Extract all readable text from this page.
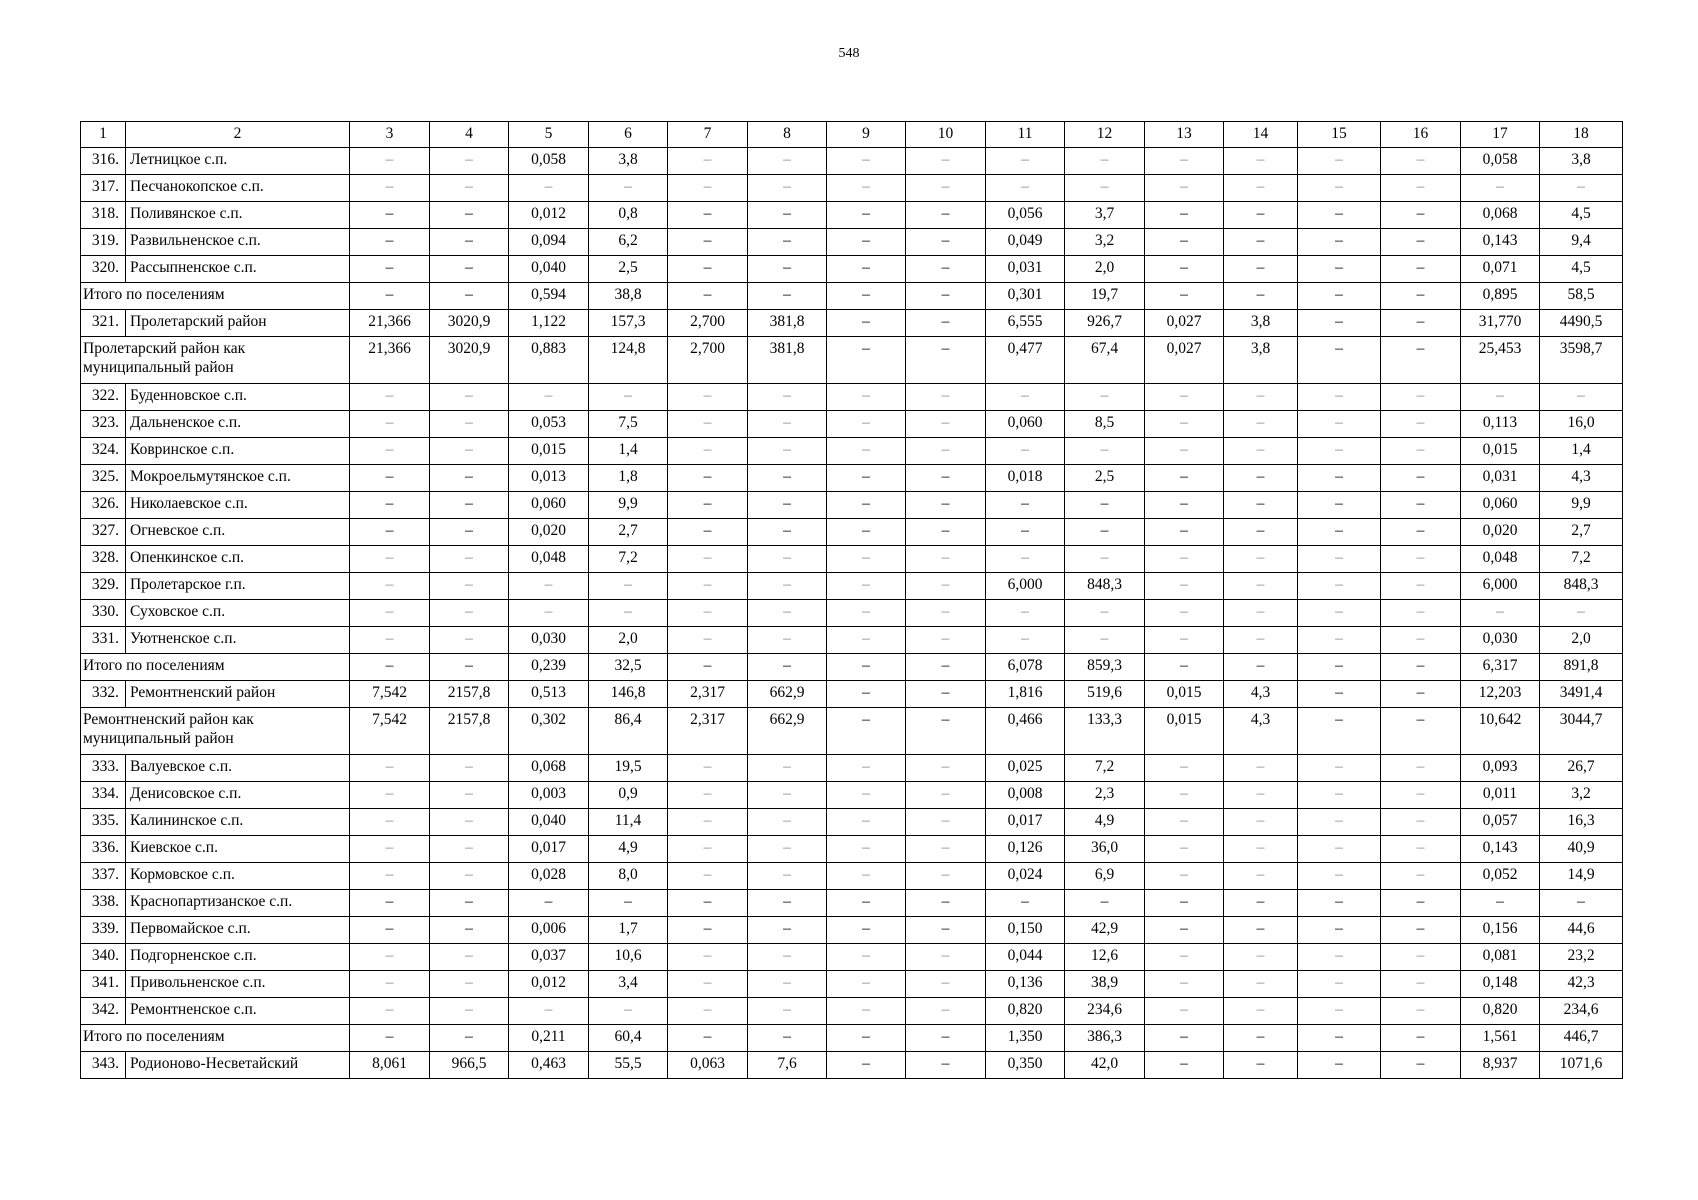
548
1	2	3	4	5	6	7	8	9	10	11	12	13	14	15	16	17	18
316.	Летницкое с.п.	–	–	0,058	3,8	–	–	–	–	–	–	–	–	–	–	0,058	3,8
317.	Песчанокопское с.п.	–	–	–	–	–	–	–	–	–	–	–	–	–	–	–	–
318.	Поливянское с.п.	–	–	0,012	0,8	–	–	–	–	0,056	3,7	–	–	–	–	0,068	4,5
319.	Развильненское с.п.	–	–	0,094	6,2	–	–	–	–	0,049	3,2	–	–	–	–	0,143	9,4
320.	Рассыпненское с.п.	–	–	0,040	2,5	–	–	–	–	0,031	2,0	–	–	–	–	0,071	4,5
Итого по поселениям		–	–	0,594	38,8	–	–	–	–	0,301	19,7	–	–	–	–	0,895	58,5
321.	Пролетарский район	21,366	3020,9	1,122	157,3	2,700	381,8	–	–	6,555	926,7	0,027	3,8	–	–	31,770	4490,5
Пролетарский район как муниципальный район		21,366	3020,9	0,883	124,8	2,700	381,8	–	–	0,477	67,4	0,027	3,8	–	–	25,453	3598,7
322.	Буденновское с.п.	–	–	–	–	–	–	–	–	–	–	–	–	–	–	–	–
323.	Дальненское с.п.	–	–	0,053	7,5	–	–	–	–	0,060	8,5	–	–	–	–	0,113	16,0
324.	Ковринское с.п.	–	–	0,015	1,4	–	–	–	–	–	–	–	–	–	–	0,015	1,4
325.	Мокроельмутянское с.п.	–	–	0,013	1,8	–	–	–	–	0,018	2,5	–	–	–	–	0,031	4,3
326.	Николаевское с.п.	–	–	0,060	9,9	–	–	–	–	–	–	–	–	–	–	0,060	9,9
327.	Огневское с.п.	–	–	0,020	2,7	–	–	–	–	–	–	–	–	–	–	0,020	2,7
328.	Опенкинское с.п.	–	–	0,048	7,2	–	–	–	–	–	–	–	–	–	–	0,048	7,2
329.	Пролетарское г.п.	–	–	–	–	–	–	–	–	6,000	848,3	–	–	–	–	6,000	848,3
330.	Суховское с.п.	–	–	–	–	–	–	–	–	–	–	–	–	–	–	–	–
331.	Уютненское с.п.	–	–	0,030	2,0	–	–	–	–	–	–	–	–	–	–	0,030	2,0
Итого по поселениям		–	–	0,239	32,5	–	–	–	–	6,078	859,3	–	–	–	–	6,317	891,8
332.	Ремонтненский район	7,542	2157,8	0,513	146,8	2,317	662,9	–	–	1,816	519,6	0,015	4,3	–	–	12,203	3491,4
Ремонтненский район как муниципальный район		7,542	2157,8	0,302	86,4	2,317	662,9	–	–	0,466	133,3	0,015	4,3	–	–	10,642	3044,7
333.	Валуевское с.п.	–	–	0,068	19,5	–	–	–	–	0,025	7,2	–	–	–	–	0,093	26,7
334.	Денисовское с.п.	–	–	0,003	0,9	–	–	–	–	0,008	2,3	–	–	–	–	0,011	3,2
335.	Калининское с.п.	–	–	0,040	11,4	–	–	–	–	0,017	4,9	–	–	–	–	0,057	16,3
336.	Киевское с.п.	–	–	0,017	4,9	–	–	–	–	0,126	36,0	–	–	–	–	0,143	40,9
337.	Кормовское с.п.	–	–	0,028	8,0	–	–	–	–	0,024	6,9	–	–	–	–	0,052	14,9
338.	Краснопартизанское с.п.	–	–	–	–	–	–	–	–	–	–	–	–	–	–	–	–
339.	Первомайское с.п.	–	–	0,006	1,7	–	–	–	–	0,150	42,9	–	–	–	–	0,156	44,6
340.	Подгорненское с.п.	–	–	0,037	10,6	–	–	–	–	0,044	12,6	–	–	–	–	0,081	23,2
341.	Привольненское с.п.	–	–	0,012	3,4	–	–	–	–	0,136	38,9	–	–	–	–	0,148	42,3
342.	Ремонтненское с.п.	–	–	–	–	–	–	–	–	0,820	234,6	–	–	–	–	0,820	234,6
Итого по поселениям		–	–	0,211	60,4	–	–	–	–	1,350	386,3	–	–	–	–	1,561	446,7
343.	Родионово-Несветайский	8,061	966,5	0,463	55,5	0,063	7,6	–	–	0,350	42,0	–	–	–	–	8,937	1071,6
